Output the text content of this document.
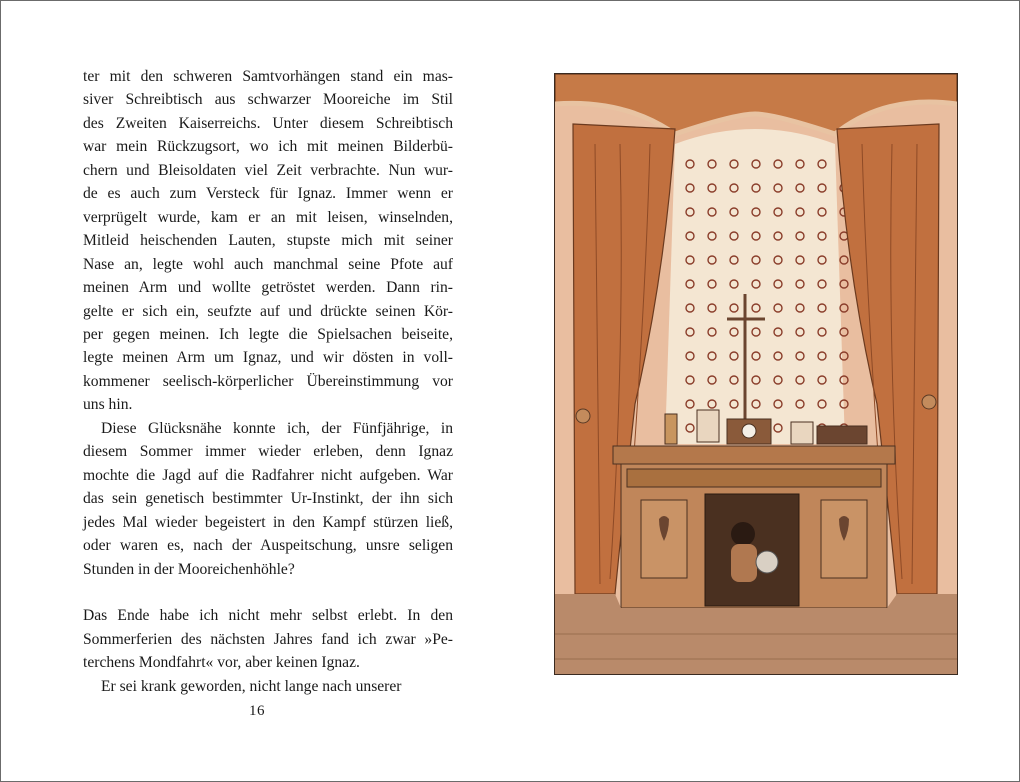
ter mit den schweren Samtvorhängen stand ein mas-
siver Schreibtisch aus schwarzer Mooreiche im Stil
des Zweiten Kaiserreichs. Unter diesem Schreibtisch
war mein Rückzugsort, wo ich mit meinen Bilderbü-
chern und Bleisoldaten viel Zeit verbrachte. Nun wur-
de es auch zum Versteck für Ignaz. Immer wenn er
verprügelt wurde, kam er an mit leisen, winselnden,
Mitleid heischenden Lauten, stupste mich mit seiner
Nase an, legte wohl auch manchmal seine Pfote auf
meinen Arm und wollte getröstet werden. Dann rin-
gelte er sich ein, seufzte auf und drückte seinen Kör-
per gegen meinen. Ich legte die Spielsachen beiseite,
legte meinen Arm um Ignaz, und wir dösten in voll-
kommener seelisch-körperlicher Übereinstimmung vor
uns hin.
Diese Glücksnähe konnte ich, der Fünfjährige, in
diesem Sommer immer wieder erleben, denn Ignaz
mochte die Jagd auf die Radfahrer nicht aufgeben. War
das sein genetisch bestimmter Ur-Instinkt, der ihn sich
jedes Mal wieder begeistert in den Kampf stürzen ließ,
oder waren es, nach der Auspeitschung, unsre seligen
Stunden in der Mooreichenhöhle?
Das Ende habe ich nicht mehr selbst erlebt. In den
Sommerferien des nächsten Jahres fand ich zwar »Pe-
terchens Mondfahrt« vor, aber keinen Ignaz.
Er sei krank geworden, nicht lange nach unserer
16
